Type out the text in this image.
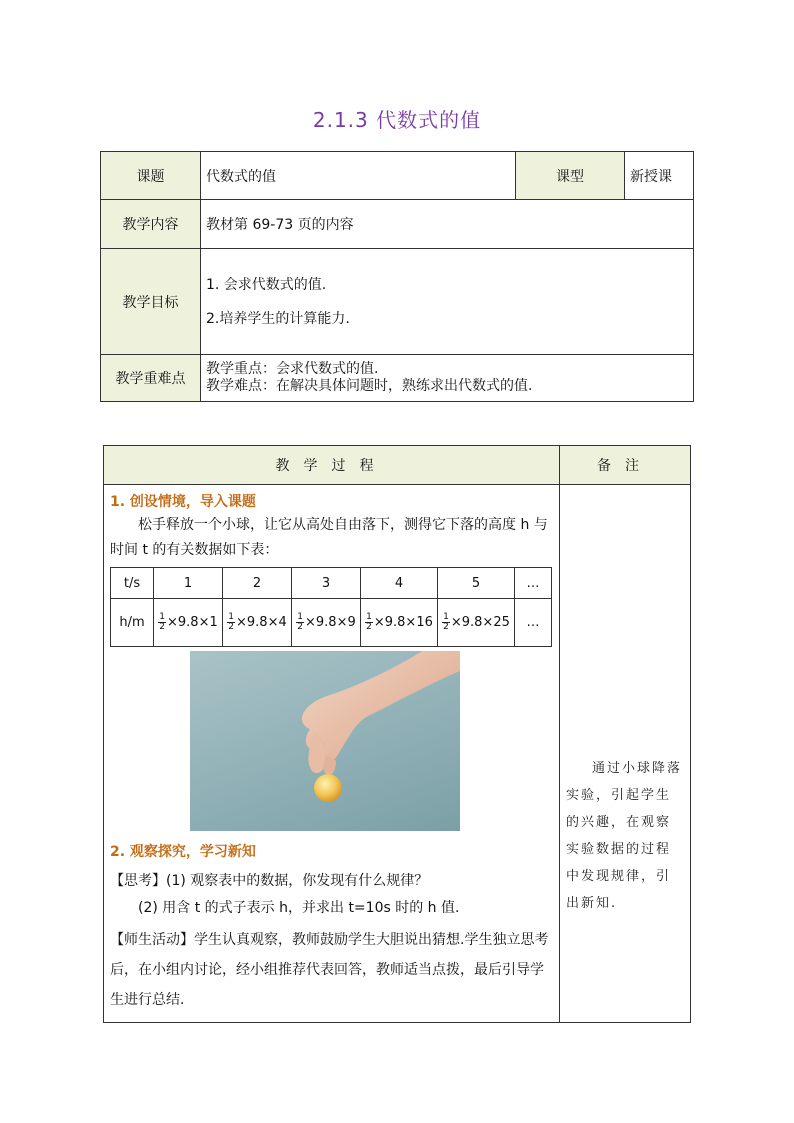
2.1.3 代数式的值
课题	代数式的值	课型	新授课
教学内容	教材第 69-73 页的内容		
教学目标	1. 会求代数式的值.
2.培养学生的计算能力.		

教学重难点	教学重点：会求代数式的值.
教学难点：在解决具体问题时，熟练求出代数式的值.		
教学过程	备注

1. 创设情境，导入课题
松手释放一个小球，让它从高处自由落下，测得它下落的高度 h 与时间 t 的有关数据如下表：
t/s	1	2	3	4	5	…
h/m	$\frac{1}{2} \times 9.8\times 1$	$\frac{1}{2} \times 9.8\times 4$	$\frac{1}{2} \times 9.8\times 9$	$\frac{1}{2} \times 9.8\times 16$	$\frac{1}{2} \times 9.8\times 25$	…
2. 观察探究，学习新知
【思考】(1) 观察表中的数据，你发现有什么规律？
(2) 用含 t 的式子表示 h，并求出 t=10s 时的 h 值.
【师生活动】学生认真观察，教师鼓励学生大胆说出猜想.学生独立思考后，在小组内讨论，经小组推荐代表回答，教师适当点拨，最后引导学生进行总结.

通过小球降落实验，引起学生的兴趣，在观察实验数据的过程中发现规律，引出新知.
